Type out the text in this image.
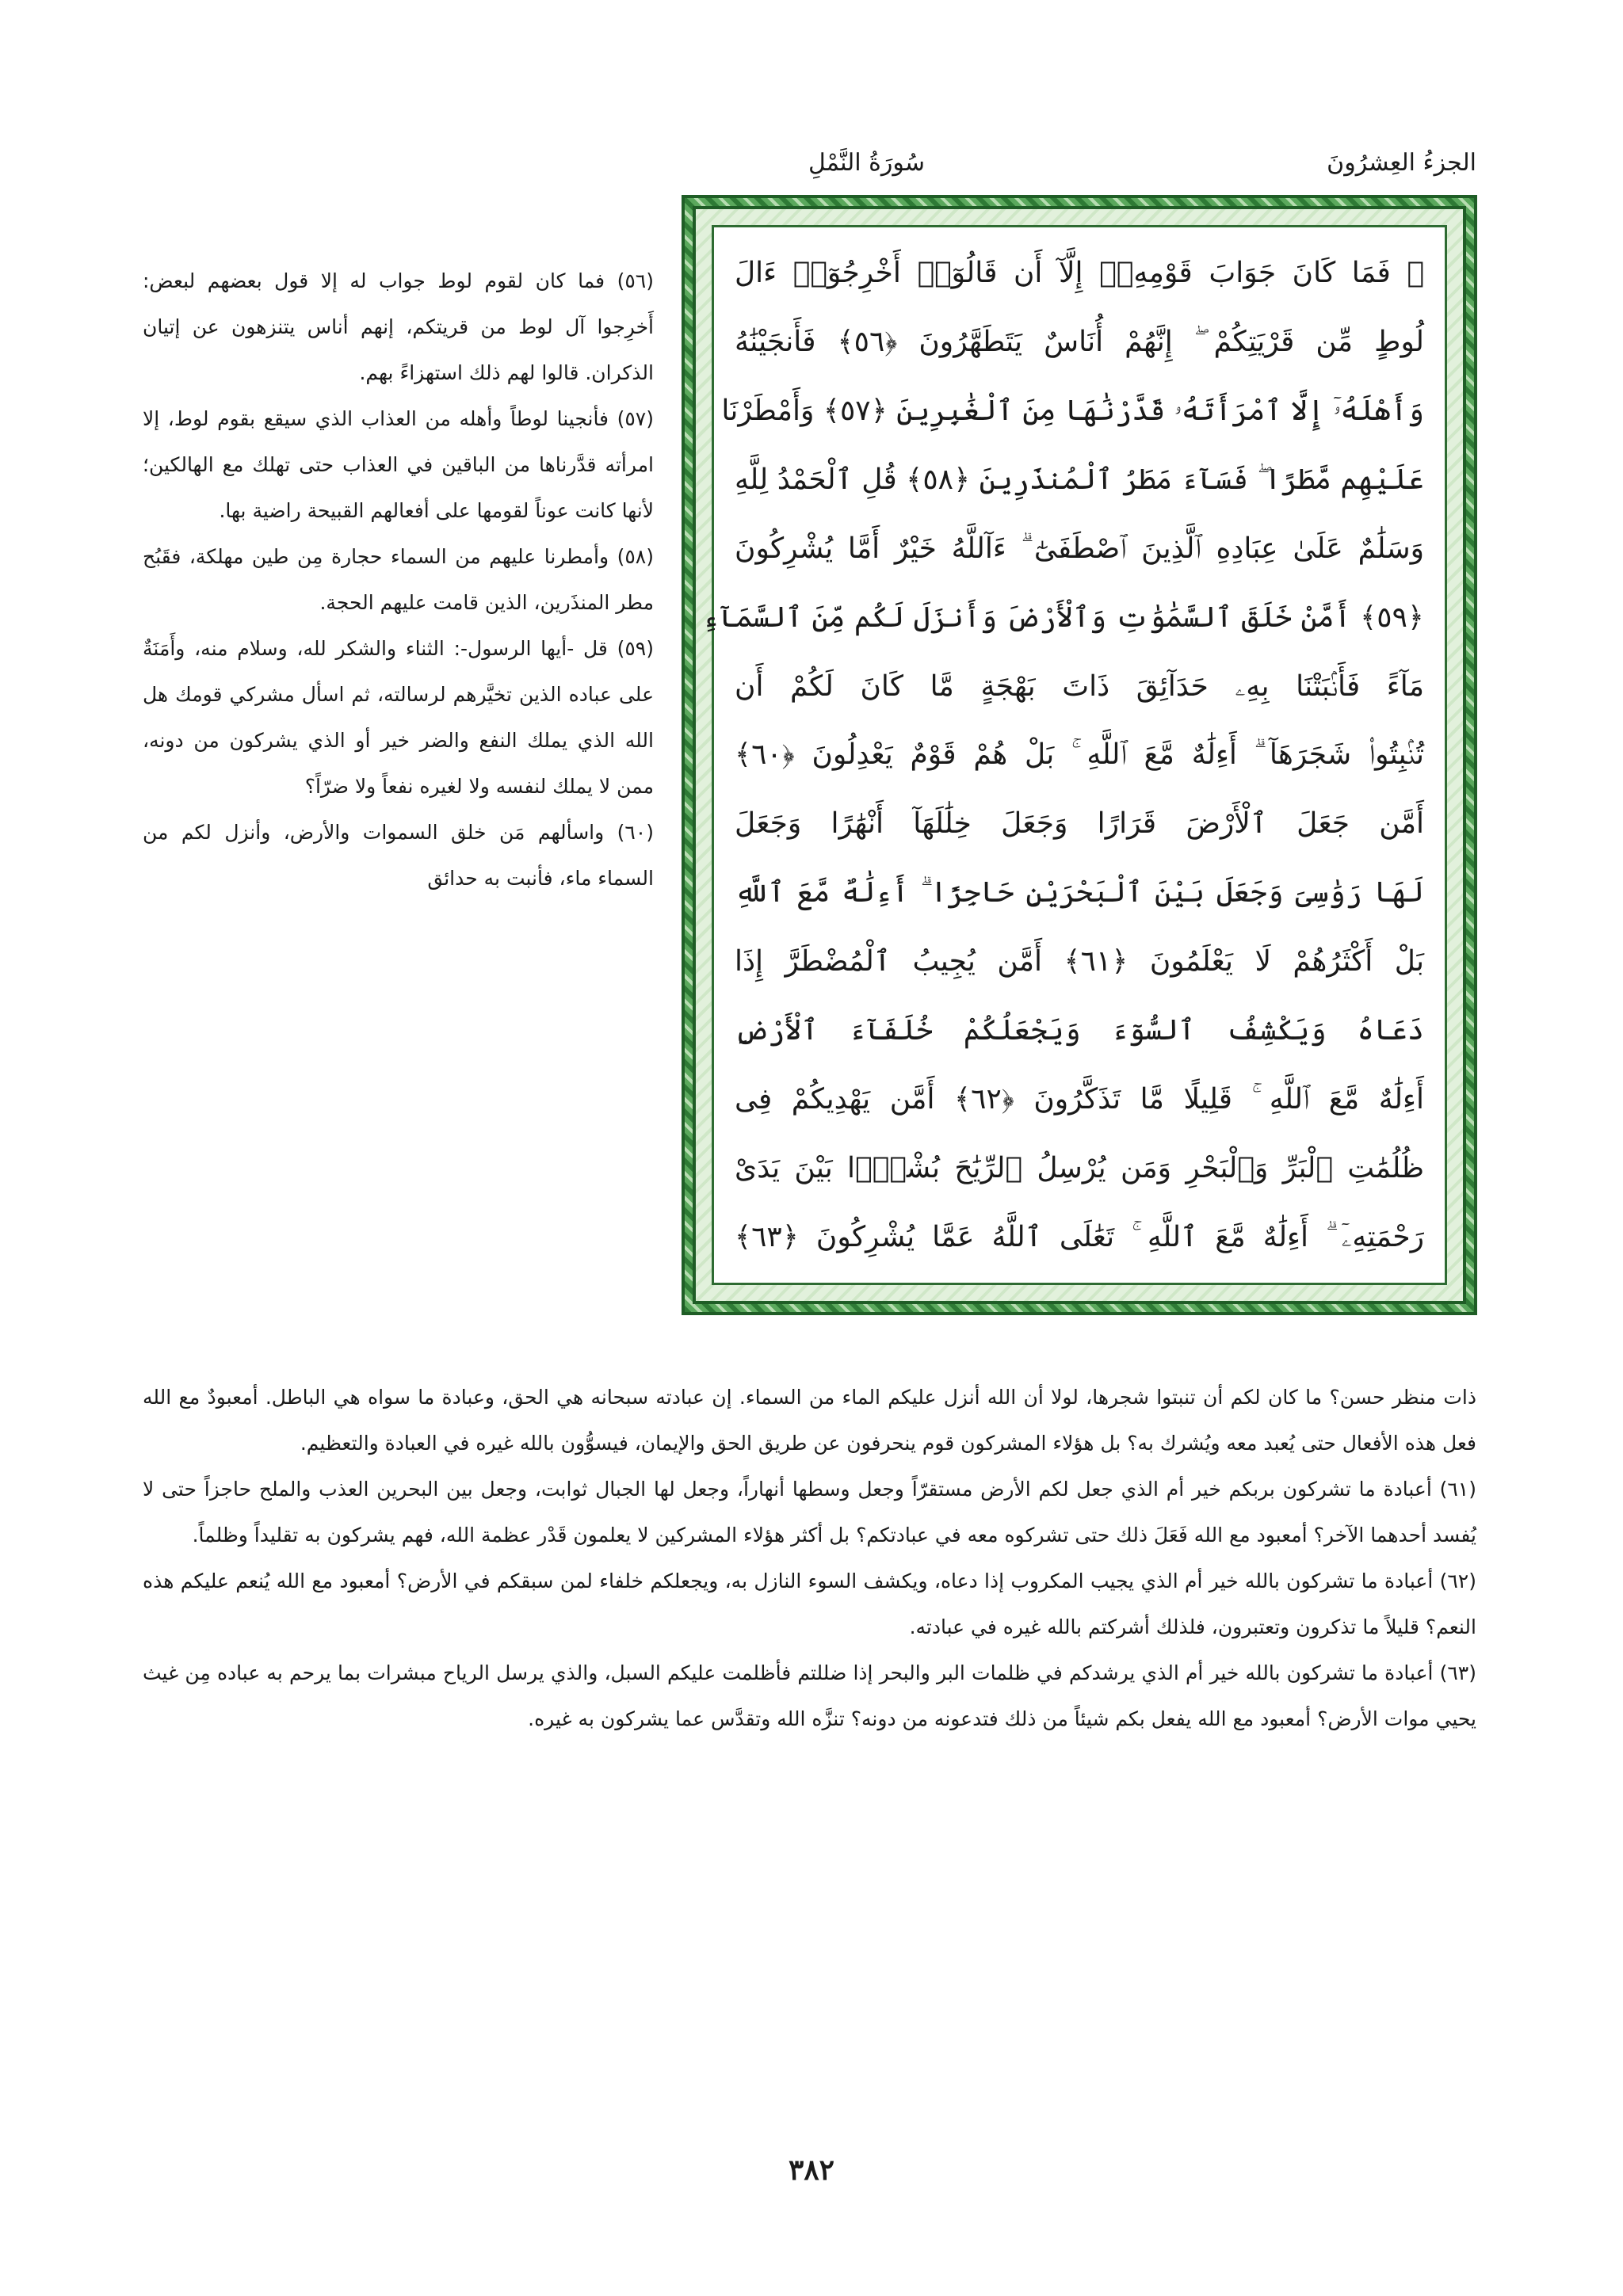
الجزءُ العِشرُونَ
سُورَةُ النَّمْلِ
۞ فَمَا كَانَ جَوَابَ قَوْمِهِۦٓ إِلَّآ أَن قَالُوٓا۟ أَخْرِجُوٓا۟ ءَالَ
لُوطٍ مِّن قَرْيَتِكُمْ ۖ إِنَّهُمْ أُنَاسٌ يَتَطَهَّرُونَ ﴿٥٦﴾ فَأَنجَيْنَٰهُ
وَأَهْلَهُۥٓ إِلَّا ٱمْرَأَتَهُۥ قَدَّرْنَٰهَا مِنَ ٱلْغَٰبِرِينَ ﴿٥٧﴾ وَأَمْطَرْنَا
عَلَيْهِم مَّطَرًا ۖ فَسَآءَ مَطَرُ ٱلْمُنذَرِينَ ﴿٥٨﴾ قُلِ ٱلْحَمْدُ لِلَّهِ
وَسَلَٰمٌ عَلَىٰ عِبَادِهِ ٱلَّذِينَ ٱصْطَفَىٰٓ ۗ ءَآللَّهُ خَيْرٌ أَمَّا يُشْرِكُونَ
﴿٥٩﴾ أَمَّنْ خَلَقَ ٱلسَّمَٰوَٰتِ وَٱلْأَرْضَ وَأَنزَلَ لَكُم مِّنَ ٱلسَّمَآءِ
مَآءً فَأَنۢبَتْنَا بِهِۦ حَدَآئِقَ ذَاتَ بَهْجَةٍ مَّا كَانَ لَكُمْ أَن
تُنۢبِتُوا۟ شَجَرَهَآ ۗ أَءِلَٰهٌ مَّعَ ٱللَّهِ ۚ بَلْ هُمْ قَوْمٌ يَعْدِلُونَ ﴿٦٠﴾
أَمَّن جَعَلَ ٱلْأَرْضَ قَرَارًا وَجَعَلَ خِلَٰلَهَآ أَنْهَٰرًا وَجَعَلَ
لَهَا رَوَٰسِىَ وَجَعَلَ بَيْنَ ٱلْبَحْرَيْنِ حَاجِزًا ۗ أَءِلَٰهٌ مَّعَ ٱللَّهِ
بَلْ أَكْثَرُهُمْ لَا يَعْلَمُونَ ﴿٦١﴾ أَمَّن يُجِيبُ ٱلْمُضْطَرَّ إِذَا
دَعَاهُ وَيَكْشِفُ ٱلسُّوٓءَ وَيَجْعَلُكُمْ خُلَفَآءَ ٱلْأَرْضِ
أَءِلَٰهٌ مَّعَ ٱللَّهِ ۚ قَلِيلًا مَّا تَذَكَّرُونَ ﴿٦٢﴾ أَمَّن يَهْدِيكُمْ فِى
ظُلُمَٰتِ ٱلْبَرِّ وَٱلْبَحْرِ وَمَن يُرْسِلُ ٱلرِّيَٰحَ بُشْرًۢا بَيْنَ يَدَىْ
رَحْمَتِهِۦٓ ۗ أَءِلَٰهٌ مَّعَ ٱللَّهِ ۚ تَعَٰلَى ٱللَّهُ عَمَّا يُشْرِكُونَ ﴿٦٣﴾

(٥٦) فما كان لقوم لوط جواب له إلا قول بعضهم لبعض: أَخرِجوا آل لوط من قريتكم، إنهم أناس يتنزهون عن إتيان الذكران. قالوا لهم ذلك استهزاءً بهم.

(٥٧) فأنجينا لوطاً وأهله من العذاب الذي سيقع بقوم لوط، إلا امرأته قدَّرناها من الباقين في العذاب حتى تهلك مع الهالكين؛ لأنها كانت عوناً لقومها على أفعالهم القبيحة راضية بها.

(٥٨) وأمطرنا عليهم من السماء حجارة مِن طين مهلكة، فقَبُح مطر المنذَرين، الذين قامت عليهم الحجة.

(٥٩) قل -أيها الرسول-: الثناء والشكر لله، وسلام منه، وأَمَنَةٌ على عباده الذين تخيَّرهم لرسالته، ثم اسأل مشركي قومك هل الله الذي يملك النفع والضر خير أو الذي يشركون من دونه، ممن لا يملك لنفسه ولا لغيره نفعاً ولا ضرّاً؟

(٦٠) واسألهم مَن خلق السموات والأرض، وأنزل لكم من السماء ماء، فأنبت به حدائق

ذات منظر حسن؟ ما كان لكم أن تنبتوا شجرها، لولا أن الله أنزل عليكم الماء من السماء. إن عبادته سبحانه هي الحق، وعبادة ما سواه هي الباطل. أمعبودٌ مع الله فعل هذه الأفعال حتى يُعبد معه ويُشرك به؟ بل هؤلاء المشركون قوم ينحرفون عن طريق الحق والإيمان، فيسوُّون بالله غيره في العبادة والتعظيم.

(٦١) أعبادة ما تشركون بربكم خير أم الذي جعل لكم الأرض مستقرّاً وجعل وسطها أنهاراً، وجعل لها الجبال ثوابت، وجعل بين البحرين العذب والملح حاجزاً حتى لا يُفسد أحدهما الآخر؟ أمعبود مع الله فَعَلَ ذلك حتى تشركوه معه في عبادتكم؟ بل أكثر هؤلاء المشركين لا يعلمون قَدْر عظمة الله، فهم يشركون به تقليداً وظلماً.

(٦٢) أعبادة ما تشركون بالله خير أم الذي يجيب المكروب إذا دعاه، ويكشف السوء النازل به، ويجعلكم خلفاء لمن سبقكم في الأرض؟ أمعبود مع الله يُنعم عليكم هذه النعم؟ قليلاً ما تذكرون وتعتبرون، فلذلك أشركتم بالله غيره في عبادته.

(٦٣) أعبادة ما تشركون بالله خير أم الذي يرشدكم في ظلمات البر والبحر إذا ضللتم فأظلمت عليكم السبل، والذي يرسل الرياح مبشرات بما يرحم به عباده مِن غيث يحيي موات الأرض؟ أمعبود مع الله يفعل بكم شيئاً من ذلك فتدعونه من دونه؟ تنزَّه الله وتقدَّس عما يشركون به غيره.

٣٨٢
